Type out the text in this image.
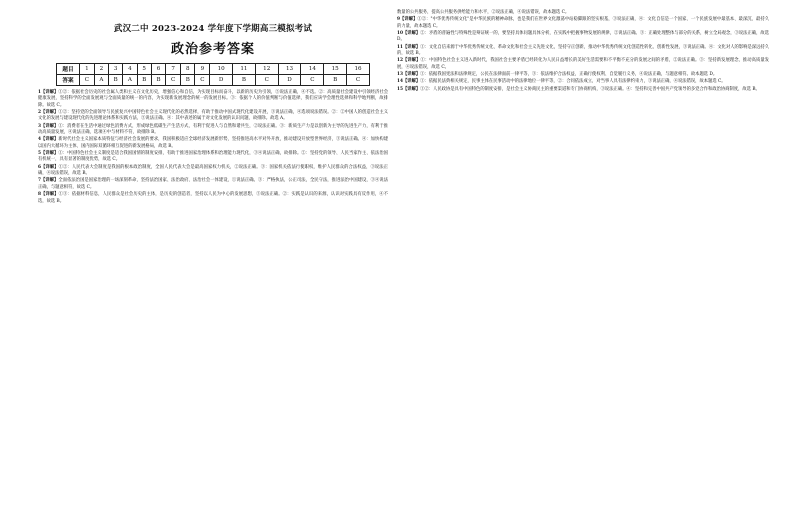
武汉二中 2023-2024 学年度下学期高三模拟考试
政治参考答案
题目	1	2	3	4	5	6	7	8	9	10	11	12	13	14	15	16
答案	C	A	B	A	B	B	C	B	C	D	B	C	D	C	B	C
1【详解】①②：依据社会历史的社会属人类和主义在文化历史，增强信心和自信，为实现目标而奋斗，以新的历史为引领，⑤说法正确，④不选。②：高质量社会建设中引领经济社会健康发展，坚持科学的全面发展观与全面质量的统一的内容，为实现新发展理念的统一的发展目标。③：依据个人的价值判断与价值选择，我们应该学会理性选择和科学地判断，故排除。故选 C。
2【详解】①②：坚持党的全面领导与民族复兴中国特色社会主义现代化的必然选择，有助于推动中国式现代化建设开展，③说法正确，④选项说法错误。②：②中国人的创造社会主义文化的发展与建设现代化的先进理论体系和实践方法，⑤说法正确。④：其中表述的属于对文化发展的认识问题，故排除。故选 A。
3【详解】①：消费者在生活中通过绿色消费方式，形成绿色低碳生产生活方式，有利于促进人与自然和谐共生，②说法正确。③：新质生产力是以创新为主导的先进生产力，有利于推动高质量发展，④说法正确，选项④中与材料不符，故排除 B。
4【详解】新时代社会主义国家本质特征与经济社会发展的要求，我国积极适应全球经济发展新形势，坚持推进高水平对外开放，推动建设开放型世界经济，③说法正确。④：加快构建以国内大循环为主体、国内国际双循环相互促进的新发展格局，故选 B。
5【详解】①：中国特色社会主义制度是适合我国国情的制度安排，有助于推进国家治理体系和治理能力现代化，③④说法正确，故排除。②：坚持党的领导、人民当家作主、依法治国有机统一，具有显著的制度优势，故选 C。
6【详解】①②：人民代表大会制度是我国的根本政治制度，全国人民代表大会是最高国家权力机关，②说法正确。③：国家机关依法行使职权，维护人民群众的合法权益，③说法正确，④说法错误，故选 B。
7【详解】全面依法治国是国家治理的一场深刻革命，坚持法治国家、法治政府、法治社会一体建设，①说法正确。③：严格执法，公正司法，全民守法，推进法治中国建设，③④说法正确，与题意相符，故选 C。
8【详解】①③：依据材料信息，人民群众是社会历史的主体，是历史的创造者，坚持以人民为中心的发展思想，③说法正确。②：实践是认识的来源，认识对实践具有反作用，④不选，故选 B。
数量的公共服务，提高公共服务供给能力和水平，②说法正确，④说法错误，故本题选 C。
9【详解】①②："中华优秀传统文化"是中华民族的精神命脉，也是我们在世界文化激荡中站稳脚跟的坚实根基，③说法正确，④：文化自信是一个国家、一个民族发展中最基本、最深沉、最持久的力量，故本题选 C。
10【详解】②：矛盾的普遍性与特殊性是辩证统一的，要坚持具体问题具体分析，在实践中把握事物发展的规律，②说法正确。③：正确处理整体与部分的关系，树立全局观念，③说法正确，故选 D。
11【详解】①：文化自信来源于中华优秀传统文化、革命文化和社会主义先进文化，坚持守正创新，推动中华优秀传统文化创造性转化、创新性发展，③说法正确。④：文化对人的影响是深远持久的，故选 B。
12【详解】①：中国特色社会主义进入新时代，我国社会主要矛盾已经转化为人民日益增长的美好生活需要和不平衡不充分的发展之间的矛盾，②说法正确。③：坚持新发展理念，推动高质量发展，④说法错误，故选 C。
13【详解】①：依据我国宪法和法律规定，公民在法律面前一律平等，③：依法维护合法权益，正确行使权利、自觉履行义务，④说法正确，与题意相符。故本题选 D。
14【详解】①：依据民法典相关规定，民事主体在民事活动中的法律地位一律平等，②：合同依法成立，对当事人具有法律约束力，③说法正确，④说法错误，故本题选 C。
15【详解】①②：人民政协是具有中国特色的制度安排，是社会主义协商民主的重要渠道和专门协商机构，③说法正确。④：坚持和完善中国共产党领导的多党合作和政治协商制度，故选 B。
